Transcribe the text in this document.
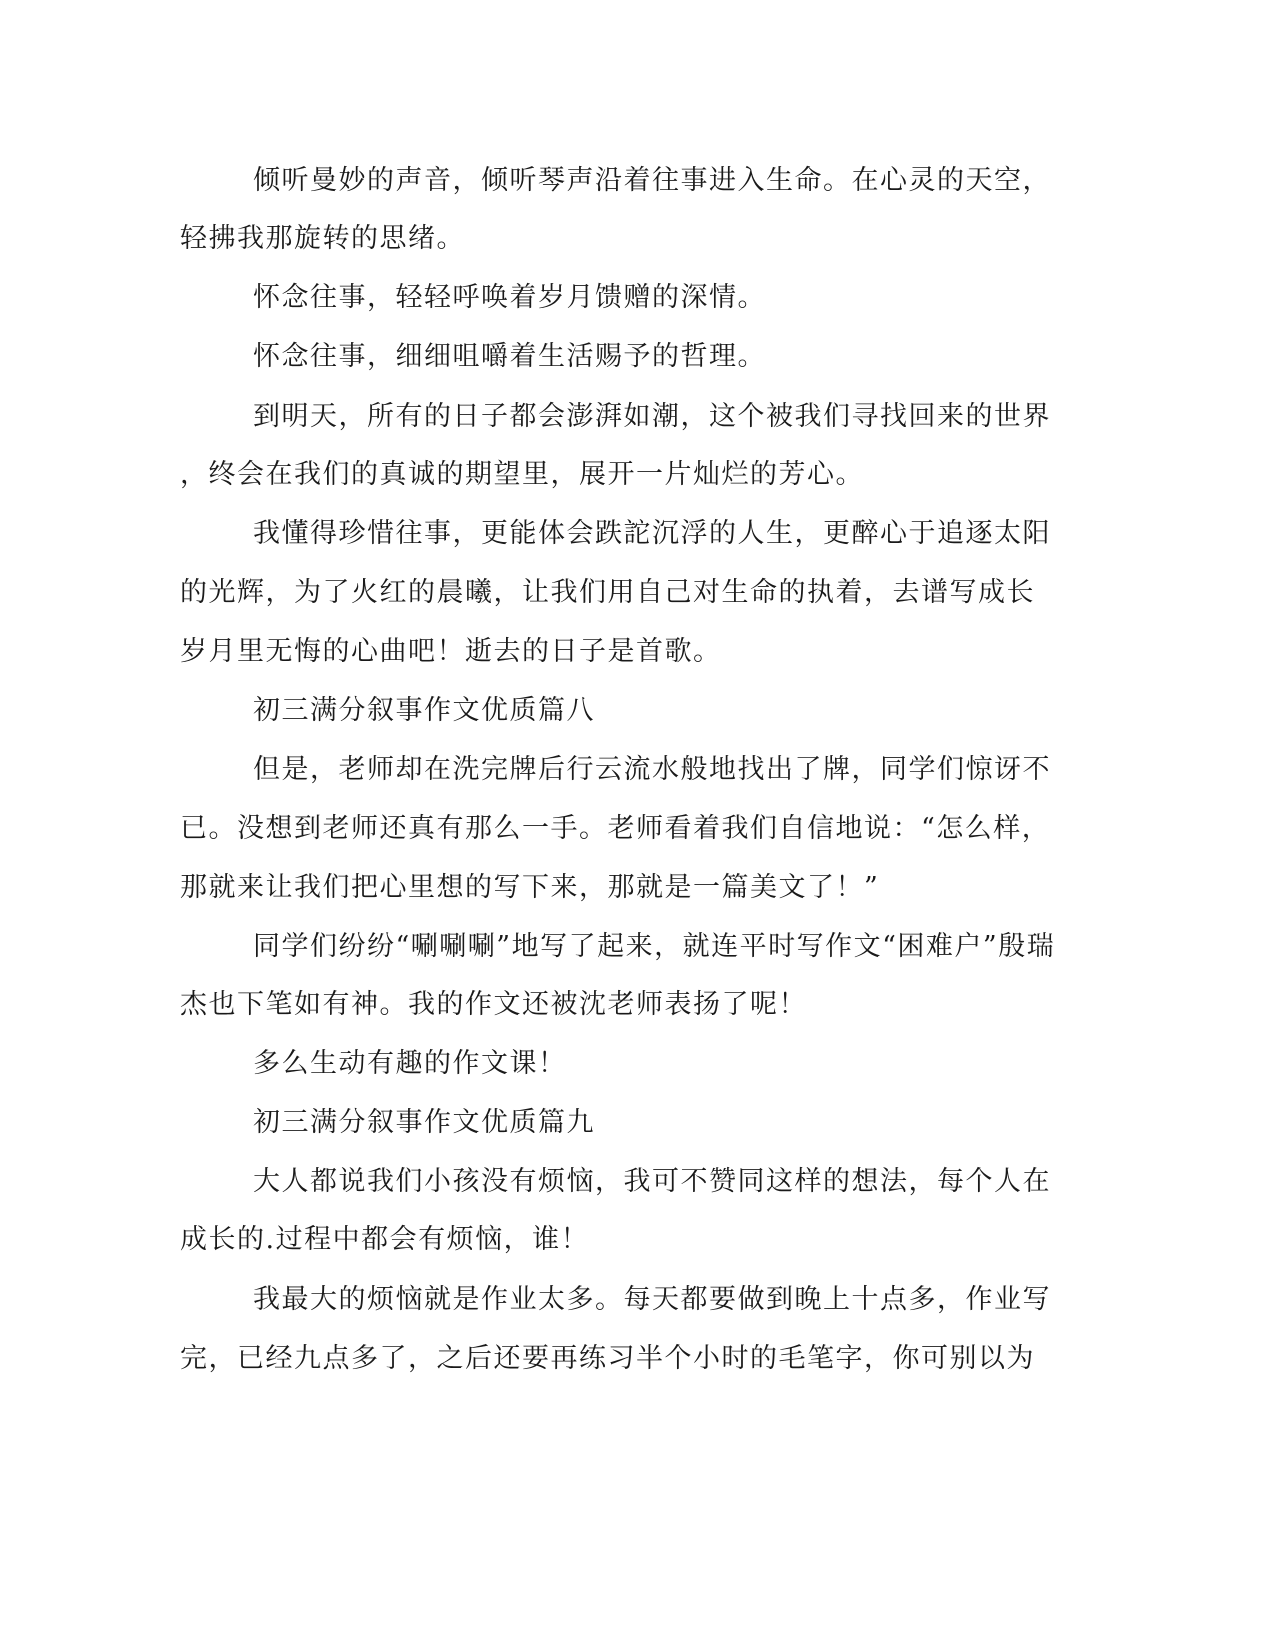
倾听曼妙的声音，倾听琴声沿着往事进入生命。在心灵的天空，
轻拂我那旋转的思绪。
怀念往事，轻轻呼唤着岁月馈赠的深情。
怀念往事，细细咀嚼着生活赐予的哲理。
到明天，所有的日子都会澎湃如潮，这个被我们寻找回来的世界
，终会在我们的真诚的期望里，展开一片灿烂的芳心。
我懂得珍惜往事，更能体会跌詑沉浮的人生，更醉心于追逐太阳
的光辉，为了火红的晨曦，让我们用自己对生命的执着，去谱写成长
岁月里无悔的心曲吧！逝去的日子是首歌。
初三满分叙事作文优质篇八
但是，老师却在洗完牌后行云流水般地找出了牌，同学们惊讶不
已。没想到老师还真有那么一手。老师看着我们自信地说：“怎么样，
那就来让我们把心里想的写下来，那就是一篇美文了！”
同学们纷纷“唰唰唰”地写了起来，就连平时写作文“困难户”殷瑞
杰也下笔如有神。我的作文还被沈老师表扬了呢！
多么生动有趣的作文课！
初三满分叙事作文优质篇九
大人都说我们小孩没有烦恼，我可不赞同这样的想法，每个人在
成长的.过程中都会有烦恼，谁！
我最大的烦恼就是作业太多。每天都要做到晚上十点多，作业写
完，已经九点多了，之后还要再练习半个小时的毛笔字，你可别以为
